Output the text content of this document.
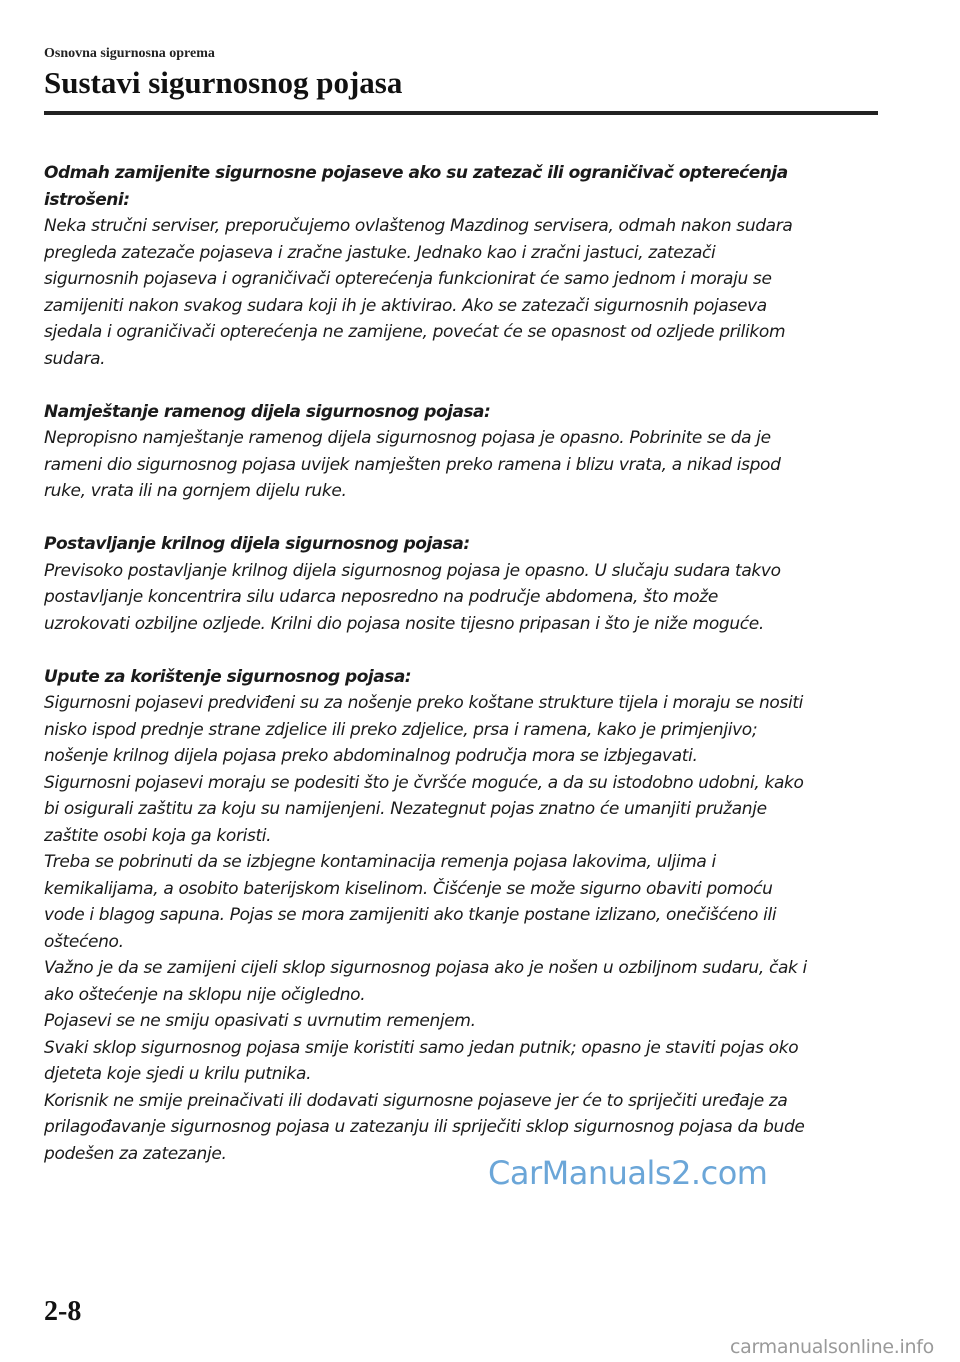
Osnovna sigurnosna oprema
Sustavi sigurnosnog pojasa
Odmah zamijenite sigurnosne pojaseve ako su zatezač ili ograničivač opterećenja istrošeni:
Neka stručni serviser, preporučujemo ovlaštenog Mazdinog servisera, odmah nakon sudara
pregleda zatezače pojaseva i zračne jastuke. Jednako kao i zračni jastuci, zatezači
sigurnosnih pojaseva i ograničivači opterećenja funkcionirat će samo jednom i moraju se
zamijeniti nakon svakog sudara koji ih je aktivirao. Ako se zatezači sigurnosnih pojaseva
sjedala i ograničivači opterećenja ne zamijene, povećat će se opasnost od ozljede prilikom
sudara.
Namještanje ramenog dijela sigurnosnog pojasa:
Nepropisno namještanje ramenog dijela sigurnosnog pojasa je opasno. Pobrinite se da je
rameni dio sigurnosnog pojasa uvijek namješten preko ramena i blizu vrata, a nikad ispod
ruke, vrata ili na gornjem dijelu ruke.
Postavljanje krilnog dijela sigurnosnog pojasa:
Previsoko postavljanje krilnog dijela sigurnosnog pojasa je opasno. U slučaju sudara takvo
postavljanje koncentrira silu udarca neposredno na područje abdomena, što može
uzrokovati ozbiljne ozljede. Krilni dio pojasa nosite tijesno pripasan i što je niže moguće.
Upute za korištenje sigurnosnog pojasa:
Sigurnosni pojasevi predviđeni su za nošenje preko koštane strukture tijela i moraju se nositi
nisko ispod prednje strane zdjelice ili preko zdjelice, prsa i ramena, kako je primjenjivo;
nošenje krilnog dijela pojasa preko abdominalnog područja mora se izbjegavati.
Sigurnosni pojasevi moraju se podesiti što je čvršće moguće, a da su istodobno udobni, kako
bi osigurali zaštitu za koju su namijenjeni. Nezategnut pojas znatno će umanjiti pružanje
zaštite osobi koja ga koristi.
Treba se pobrinuti da se izbjegne kontaminacija remenja pojasa lakovima, uljima i
kemikalijama, a osobito baterijskom kiselinom. Čišćenje se može sigurno obaviti pomoću
vode i blagog sapuna. Pojas se mora zamijeniti ako tkanje postane izlizano, onečišćeno ili
oštećeno.
Važno je da se zamijeni cijeli sklop sigurnosnog pojasa ako je nošen u ozbiljnom sudaru, čak i
ako oštećenje na sklopu nije očigledno.
Pojasevi se ne smiju opasivati s uvrnutim remenjem.
Svaki sklop sigurnosnog pojasa smije koristiti samo jedan putnik; opasno je staviti pojas oko
djeteta koje sjedi u krilu putnika.
Korisnik ne smije preinačivati ili dodavati sigurnosne pojaseve jer će to spriječiti uređaje za
prilagođavanje sigurnosnog pojasa u zatezanju ili spriječiti sklop sigurnosnog pojasa da bude
podešen za zatezanje.
CarManuals2.com
2-8
carmanualsonline.info
